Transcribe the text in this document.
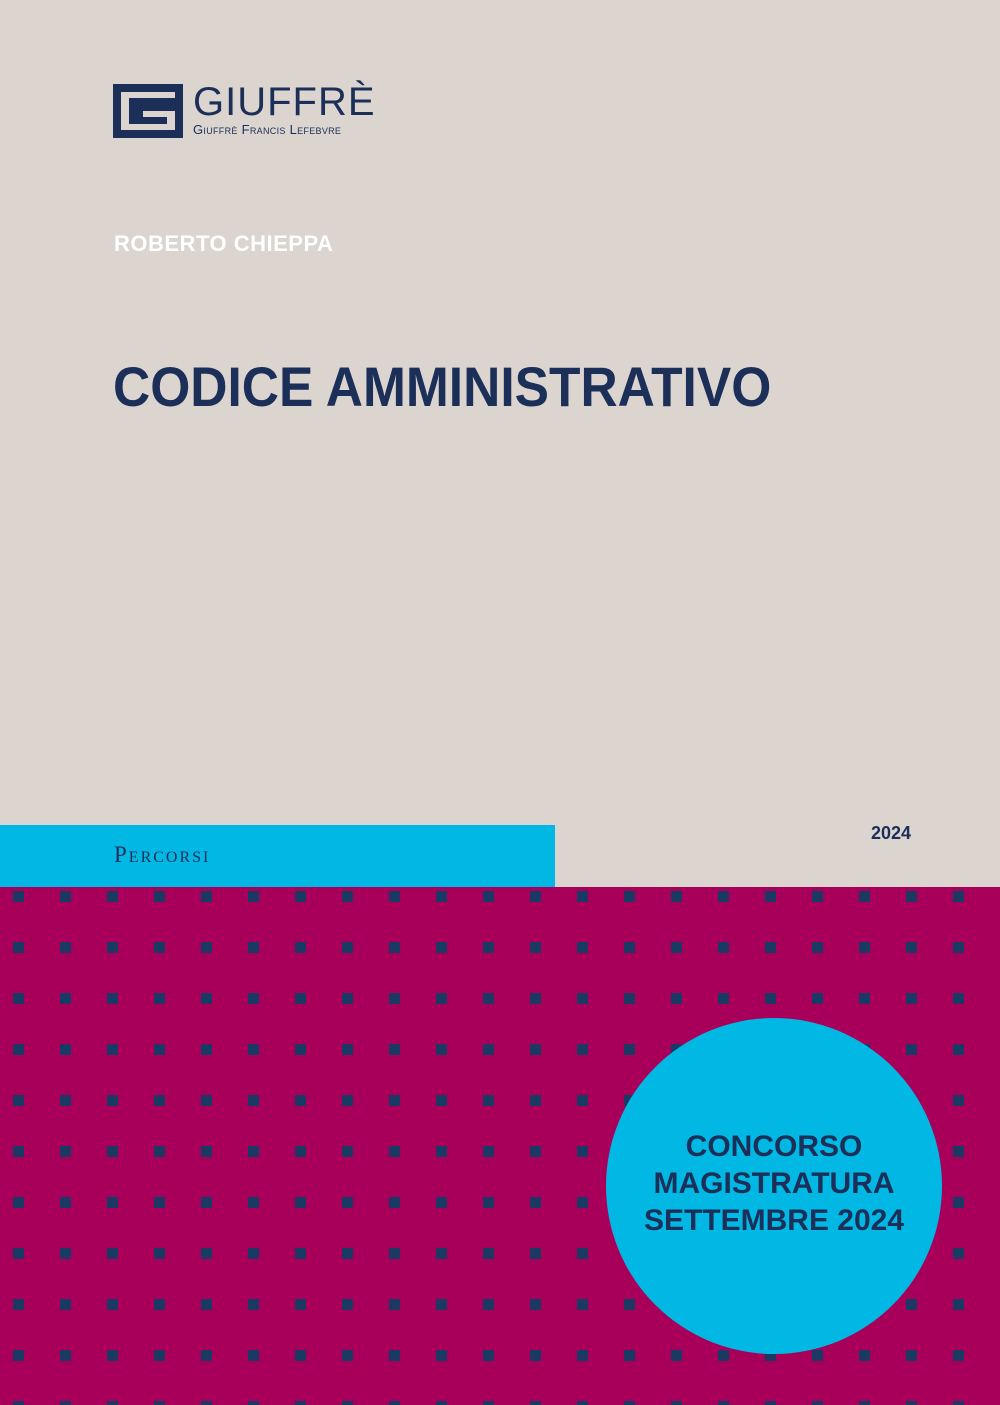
GIUFFRÈ
Giuffrè Francis Lefebvre
ROBERTO CHIEPPA
CODICE AMMINISTRATIVO
Percorsi
2024
CONCORSO
MAGISTRATURA
SETTEMBRE 2024
